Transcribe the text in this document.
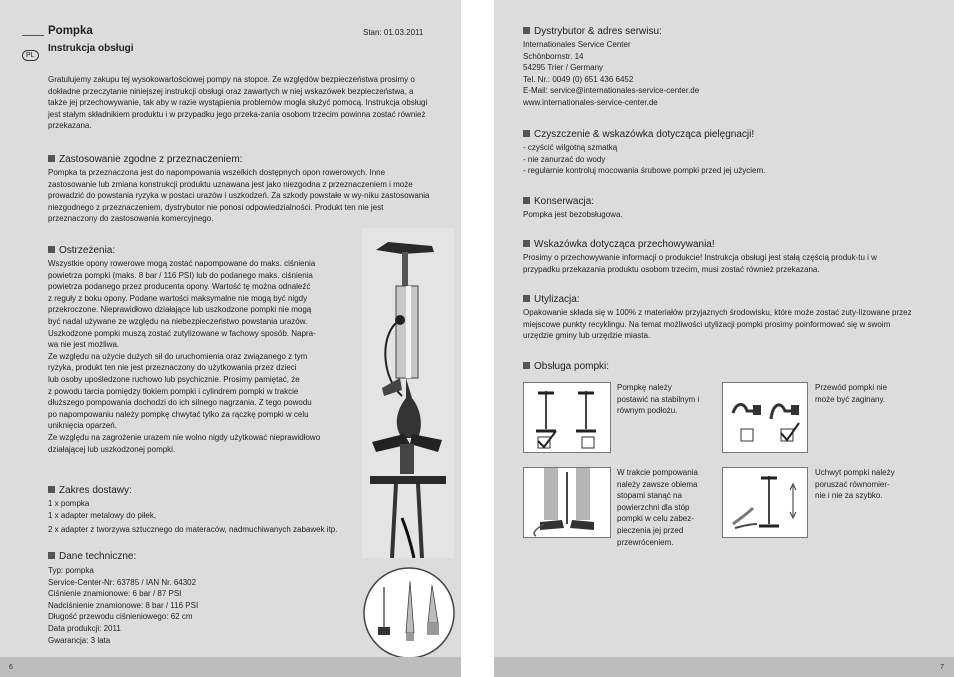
Pompka
PL
Instrukcja obsługi
Stan: 01.03.2011
Gratulujemy zakupu tej wysokowartościowej pompy na stopce. Ze względów bezpieczeństwa prosimy o dokładne przeczytanie niniejszej instrukcji obsługi oraz zawartych w niej wskazówek bezpieczeństwa, a także jej przechowywanie, tak aby w razie wystąpienia problemów mogła służyć pomocą. Instrukcja obsługi jest stałym składnikiem produktu i w przypadku jego przeka-zania osobom trzecim powinna zostać również przekazana.
Zastosowanie zgodne z przeznaczeniem:
Pompka ta przeznaczona jest do napompowania wszelkich dostępnych opon rowerowych. Inne zastosowanie lub zmiana konstrukcji produktu uznawana jest jako niezgodna z przeznaczeniem i może prowadzić do powstania ryzyka w postaci urazów i uszkodzeń. Za szkody powstałe w wy-niku zastosowania niezgodnego z przeznaczeniem, dystrybutor nie ponosi odpowiedzialności. Produkt ten nie jest przeznaczony do zastosowania komercyjnego.
Ostrzeżenia:
Wszystkie opony rowerowe mogą zostać napompowane do maks. ciśnienia
powietrza pompki (maks. 8 bar / 116 PSI) lub do podanego maks. ciśnienia
powietrza podanego przez producenta opony. Wartość tę można odnaleźć
z reguły z boku opony. Podane wartości maksymalne nie mogą być nigdy
przekroczone. Nieprawidłowo działające lub uszkodzone pompki nie mogą
być nadal używane ze względu na niebezpieczeństwo powstania urazów.
Uszkodzone pompki muszą zostać zutylizowane w fachowy sposób. Napra-
wa nie jest możliwa.
Ze względu na użycie dużych sił do uruchomienia oraz związanego z tym
ryzyka, produkt ten nie jest przeznaczony do użytkowania przez dzieci
lub osoby upośledzone ruchowo lub psychicznie. Prosimy pamiętać, że
z powodu tarcia pomiędzy tłokiem pompki i cylindrem pompki w trakcie
dłuższego pompowania dochodzi do ich silnego nagrzania. Z tego powodu
po napompowaniu należy pompkę chwytać tylko za rączkę pompki w celu
uniknięcia oparzeń.
Ze względu na zagrożenie urazem nie wolno nigdy użytkować nieprawidłowo
działającej lub uszkodzonej pompki.
Zakres dostawy:
1 x pompka
1 x adapter metalowy do piłek,
2 x adapter z tworzywa sztucznego do materaców, nadmuchiwanych zabawek itp.
Dane techniczne:
Typ: pompka
Service-Center-Nr: 63785 / IAN Nr. 64302
Ciśnienie znamionowe: 6 bar / 87 PSI
Nadciśnienie znamionowe: 8 bar / 116 PSI
Długość przewodu ciśnieniowego: 62 cm
Data produkcji: 2011
Gwarancja: 3 lata
6
Dystrybutor & adres serwisu:
Internationales Service Center
Schönbornstr. 14
54295 Trier / Germany
Tel. Nr.: 0049 (0) 651 436 6452
E-Mail: service@internationales-service-center.de
www.internationales-service-center.de
Czyszczenie & wskazówka dotycząca pielęgnacji!
- czyścić wilgotną szmatką
- nie zanurzać do wody
- regularnie kontroluj mocowania śrubowe pompki przed jej użyciem.
Konserwacja:
Pompka jest bezobsługowa.
Wskazówka dotycząca przechowywania!
Prosimy o przechowywanie informacji o produkcie! Instrukcja obsługi jest stałą częścią produk-tu i w przypadku przekazania produktu osobom trzecim, musi zostać również przekazana.
Utylizacja:
Opakowanie składa się w 100% z materiałów przyjaznych środowisku, które może zostać zuty-lizowane przez miejscowe punkty recyklingu. Na temat możliwości utylizacji pompki prosimy poinformować się w swoim urzędzie gminy lub urzędzie miasta.
Obsługa pompki:
Pompkę należy
postawić na stabilnym i
równym podłożu.
Przewód pompki nie
może być zaginany.
W trakcie pompowania
należy zawsze obiema
stopami stanąć na
powierzchni dla stóp
pompki w celu zabez-
pieczenia jej przed
przewróceniem.
Uchwyt pompki należy
poruszać równomier-
nie i nie za szybko.
7
